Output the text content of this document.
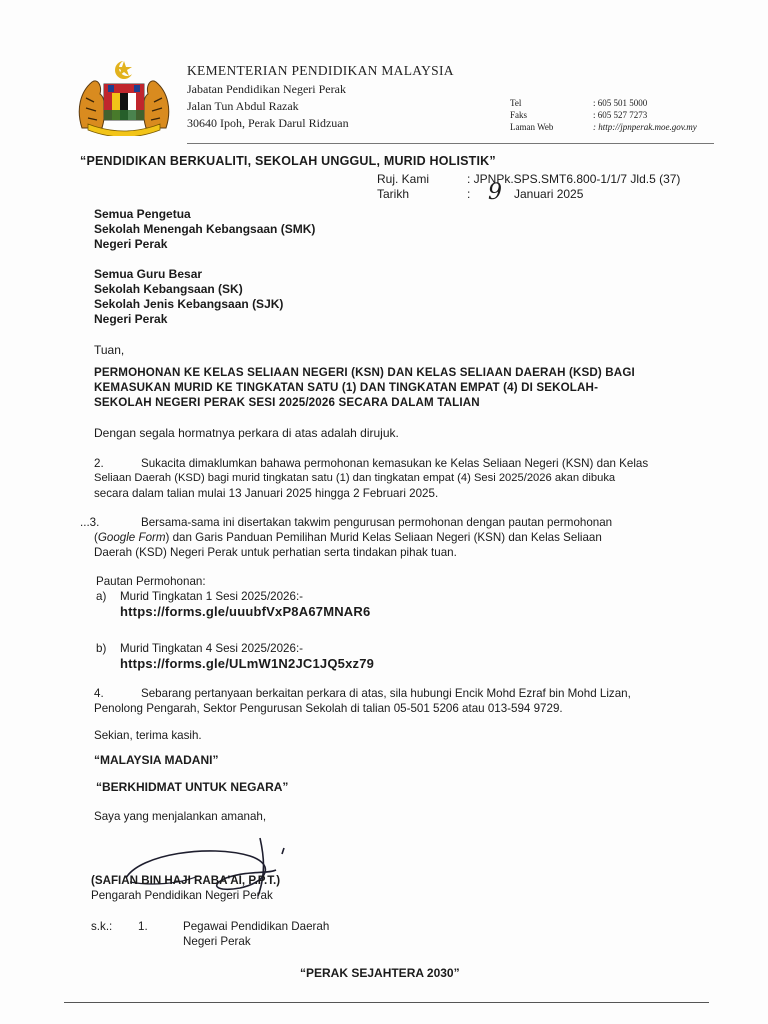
KEMENTERIAN PENDIDIKAN MALAYSIA
Jabatan Pendidikan Negeri Perak
Jalan Tun Abdul Razak
30640 Ipoh, Perak Darul Ridzuan
Tel	: 605 501 5000
Faks	: 605 527 7273
Laman Web	: http://jpnperak.moe.gov.my
“PENDIDIKAN BERKUALITI, SEKOLAH UNGGUL, MURID HOLISTIK”
Ruj. Kami	: JPNPk.SPS.SMT6.800-1/1/7 Jld.5 (37)
Tarikh	: 9 Januari 2025
Semua Pengetua
Sekolah Menengah Kebangsaan (SMK)
Negeri Perak
Semua Guru Besar
Sekolah Kebangsaan (SK)
Sekolah Jenis Kebangsaan (SJK)
Negeri Perak
Tuan,
PERMOHONAN KE KELAS SELIAAN NEGERI (KSN) DAN KELAS SELIAAN DAERAH (KSD) BAGI
KEMASUKAN MURID KE TINGKATAN SATU (1) DAN TINGKATAN EMPAT (4) DI SEKOLAH-
SEKOLAH NEGERI PERAK SESI 2025/2026 SECARA DALAM TALIAN
Dengan segala hormatnya perkara di atas adalah dirujuk.
2.	Sukacita dimaklumkan bahawa permohonan kemasukan ke Kelas Seliaan Negeri (KSN) dan Kelas
Seliaan Daerah (KSD) bagi murid tingkatan satu (1) dan tingkatan empat (4) Sesi 2025/2026 akan dibuka
secara dalam talian mulai 13 Januari 2025 hingga 2 Februari 2025.
...3.	Bersama-sama ini disertakan takwim pengurusan permohonan dengan pautan permohonan
(Google Form) dan Garis Panduan Pemilihan Murid Kelas Seliaan Negeri (KSN) dan Kelas Seliaan
Daerah (KSD) Negeri Perak untuk perhatian serta tindakan pihak tuan.
Pautan Permohonan:
a) Murid Tingkatan 1 Sesi 2025/2026:-
https://forms.gle/uuubfVxP8A67MNAR6
b) Murid Tingkatan 4 Sesi 2025/2026:-
https://forms.gle/ULmW1N2JC1JQ5xz79
4.	Sebarang pertanyaan berkaitan perkara di atas, sila hubungi Encik Mohd Ezraf bin Mohd Lizan,
Penolong Pengarah, Sektor Pengurusan Sekolah di talian 05-501 5206 atau 013-594 9729.
Sekian, terima kasih.
“MALAYSIA MADANI”
“BERKHIDMAT UNTUK NEGARA”
Saya yang menjalankan amanah,
(SAFIAN BIN HAJI RABA'AI, P.P.T.)
Pengarah Pendidikan Negeri Perak
s.k.: 1.	Pegawai Pendidikan Daerah
Negeri Perak
“PERAK SEJAHTERA 2030”
